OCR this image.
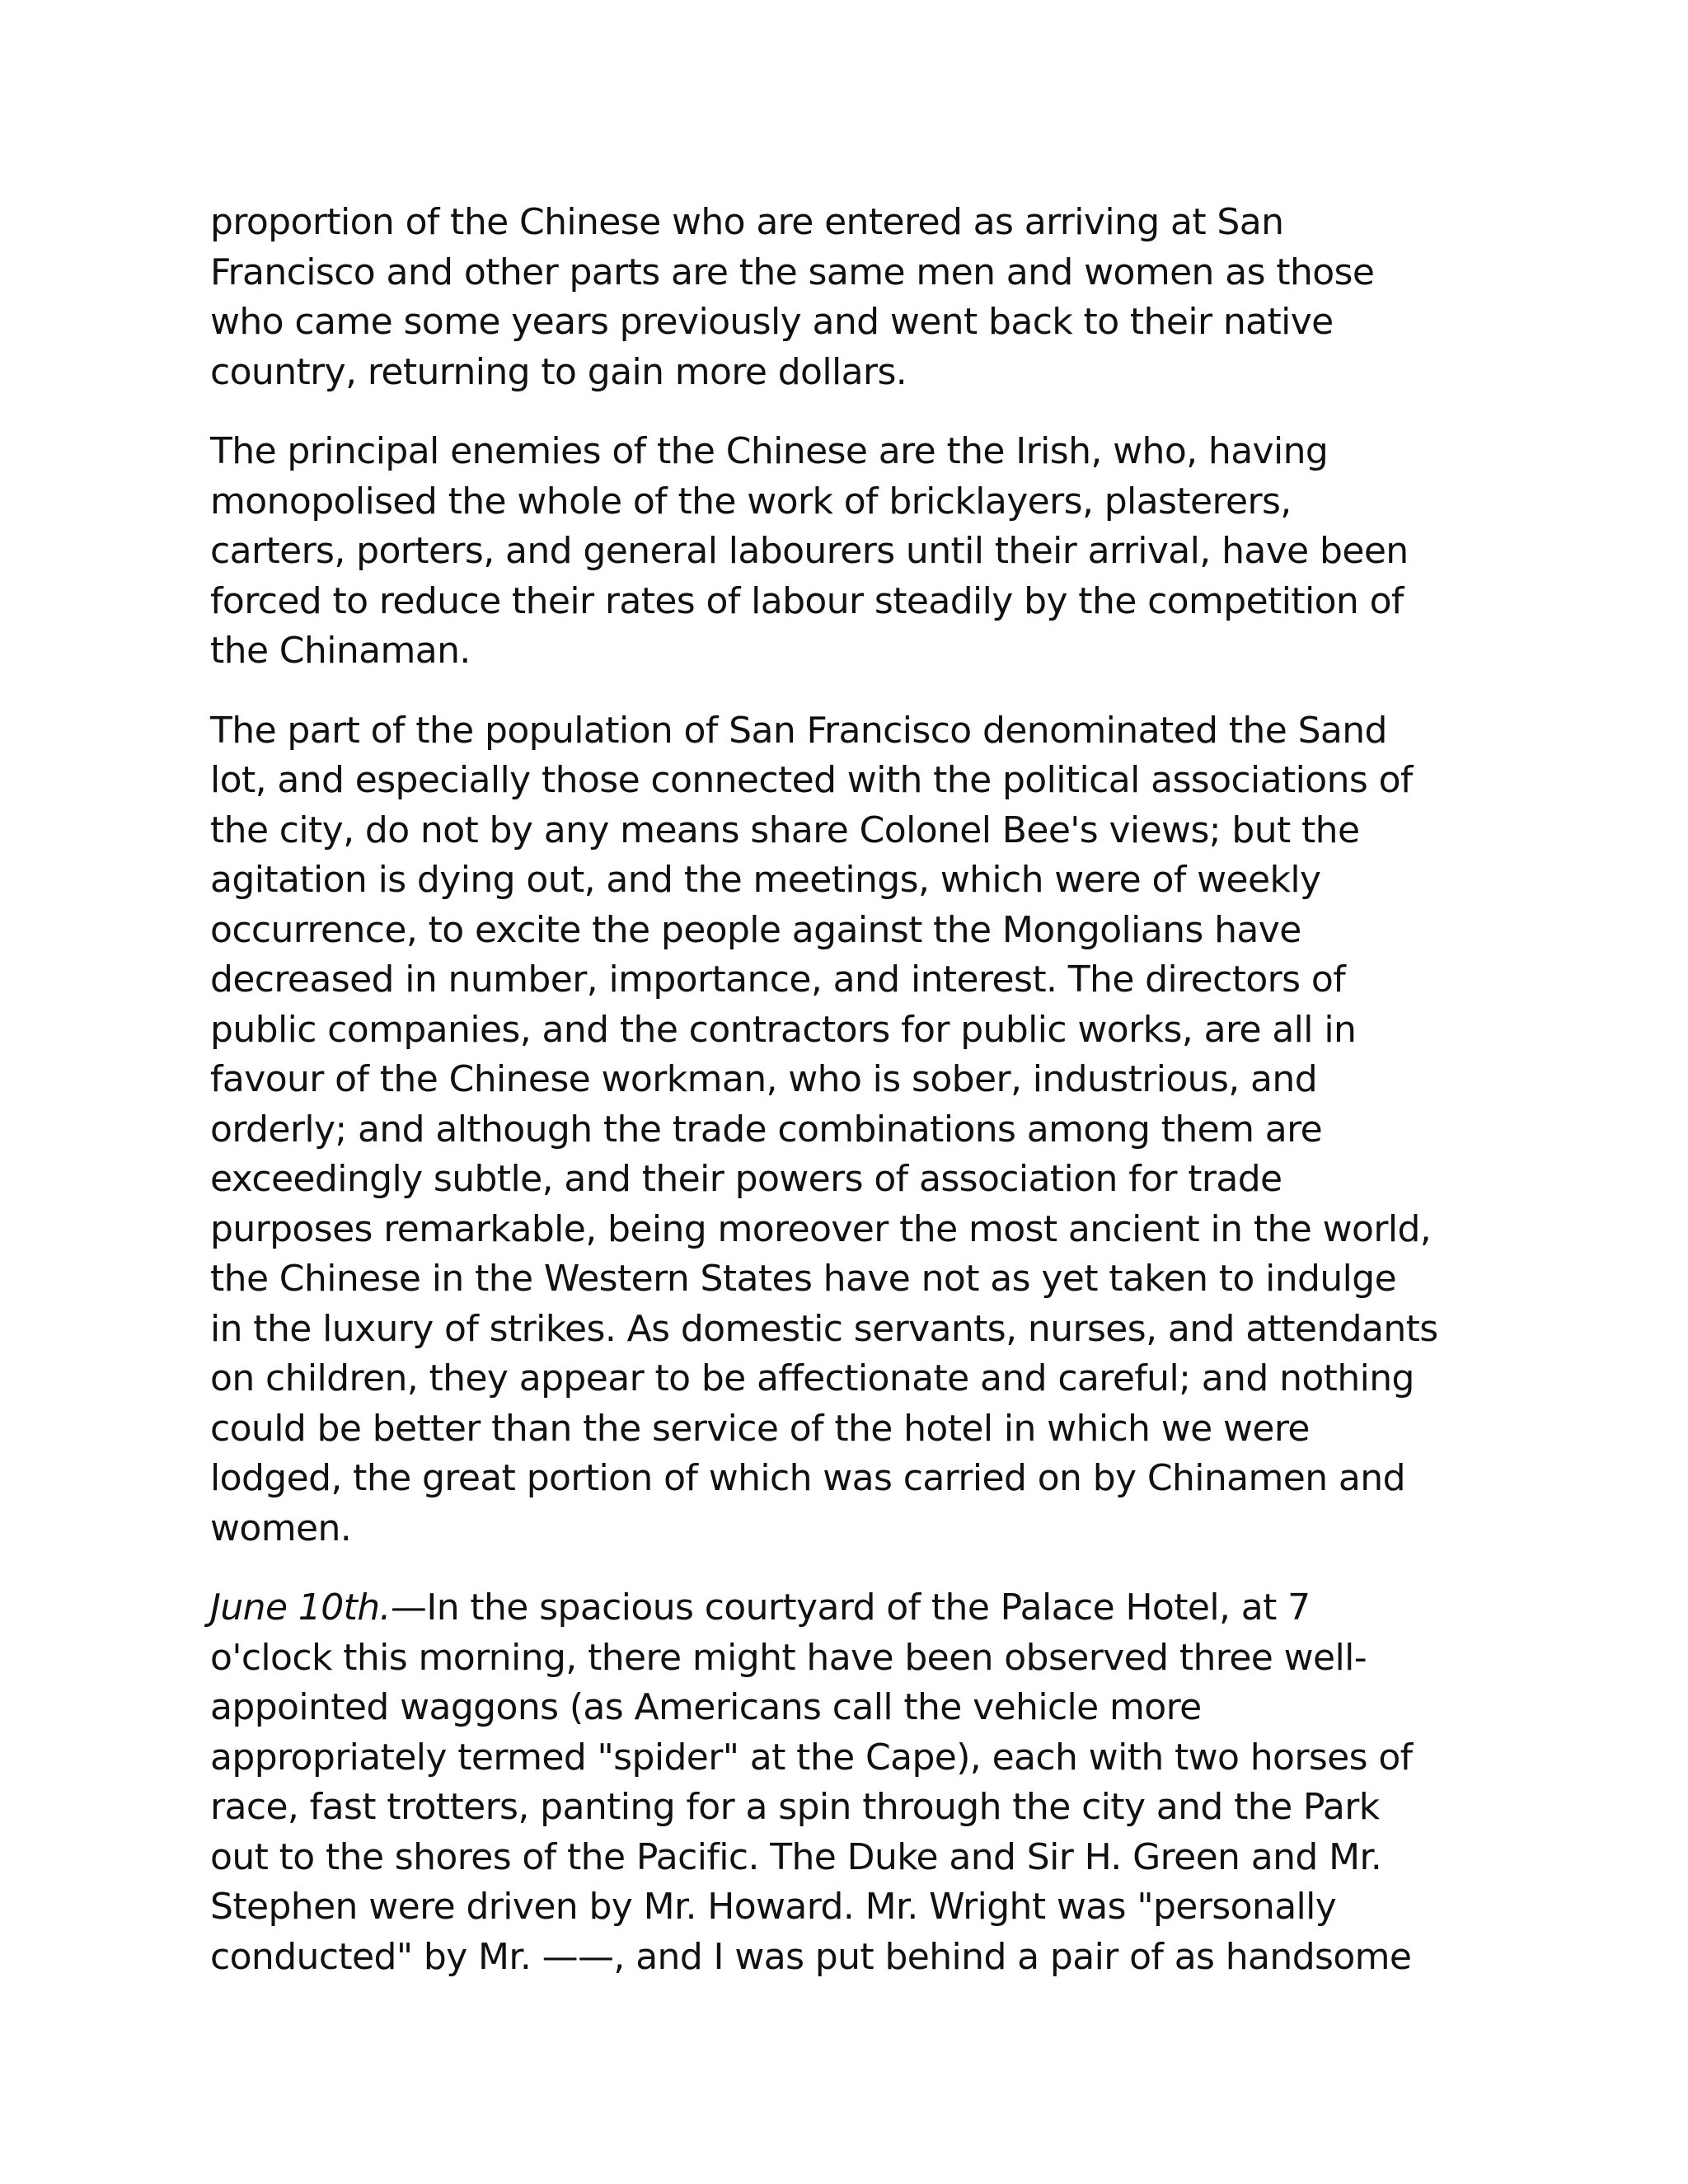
proportion of the Chinese who are entered as arriving at San
Francisco and other parts are the same men and women as those
who came some years previously and went back to their native
country, returning to gain more dollars.

The principal enemies of the Chinese are the Irish, who, having
monopolised the whole of the work of bricklayers, plasterers,
carters, porters, and general labourers until their arrival, have been
forced to reduce their rates of labour steadily by the competition of
the Chinaman.

The part of the population of San Francisco denominated the Sand
lot, and especially those connected with the political associations of
the city, do not by any means share Colonel Bee's views; but the
agitation is dying out, and the meetings, which were of weekly
occurrence, to excite the people against the Mongolians have
decreased in number, importance, and interest. The directors of
public companies, and the contractors for public works, are all in
favour of the Chinese workman, who is sober, industrious, and
orderly; and although the trade combinations among them are
exceedingly subtle, and their powers of association for trade
purposes remarkable, being moreover the most ancient in the world,
the Chinese in the Western States have not as yet taken to indulge
in the luxury of strikes. As domestic servants, nurses, and attendants
on children, they appear to be affectionate and careful; and nothing
could be better than the service of the hotel in which we were
lodged, the great portion of which was carried on by Chinamen and
women.

June 10th.—In the spacious courtyard of the Palace Hotel, at 7
o'clock this morning, there might have been observed three well-
appointed waggons (as Americans call the vehicle more
appropriately termed "spider" at the Cape), each with two horses of
race, fast trotters, panting for a spin through the city and the Park
out to the shores of the Pacific. The Duke and Sir H. Green and Mr.
Stephen were driven by Mr. Howard. Mr. Wright was "personally
conducted" by Mr. ——, and I was put behind a pair of as handsome
